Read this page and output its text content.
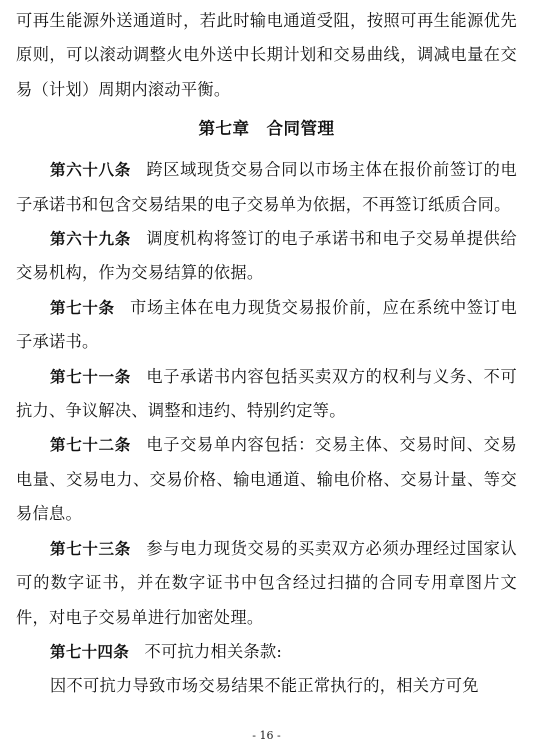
可再生能源外送通道时，若此时输电通道受阻，按照可再生能源优先原则，可以滚动调整火电外送中长期计划和交易曲线，调减电量在交易（计划）周期内滚动平衡。

第七章　合同管理

第六十八条 跨区域现货交易合同以市场主体在报价前签订的电子承诺书和包含交易结果的电子交易单为依据，不再签订纸质合同。

第六十九条 调度机构将签订的电子承诺书和电子交易单提供给交易机构，作为交易结算的依据。

第七十条 市场主体在电力现货交易报价前，应在系统中签订电子承诺书。

第七十一条 电子承诺书内容包括买卖双方的权利与义务、不可抗力、争议解决、调整和违约、特别约定等。

第七十二条 电子交易单内容包括：交易主体、交易时间、交易电量、交易电力、交易价格、输电通道、输电价格、交易计量、等交易信息。

第七十三条 参与电力现货交易的买卖双方必须办理经过国家认可的数字证书，并在数字证书中包含经过扫描的合同专用章图片文件，对电子交易单进行加密处理。

第七十四条 不可抗力相关条款:

因不可抗力导致市场交易结果不能正常执行的，相关方可免

- 16 -
